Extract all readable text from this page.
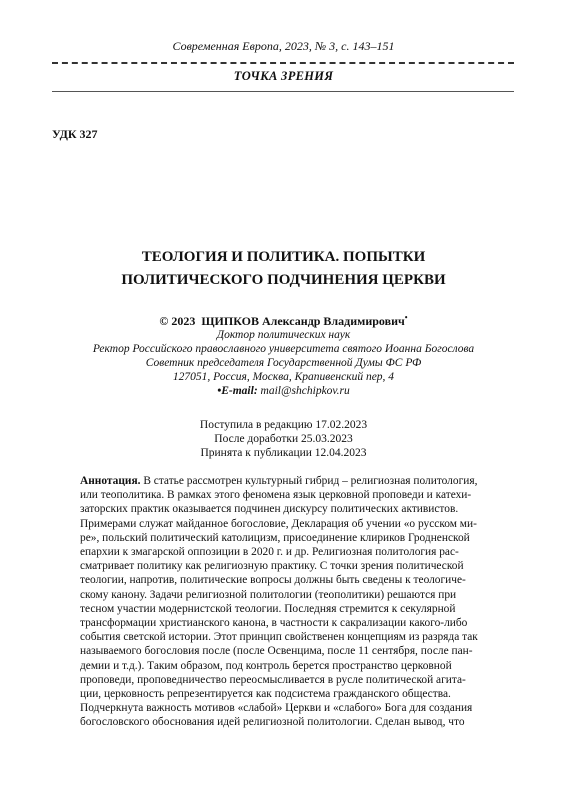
Современная Европа, 2023, № 3, с. 143–151
ТОЧКА ЗРЕНИЯ
УДК 327
ТЕОЛОГИЯ И ПОЛИТИКА. ПОПЫТКИ
ПОЛИТИЧЕСКОГО ПОДЧИНЕНИЯ ЦЕРКВИ
© 2023 ЩИПКОВ Александр Владимирович•
Доктор политических наук
Ректор Российского православного университета святого Иоанна Богослова
Советник председателя Государственной Думы ФС РФ
127051, Россия, Москва, Крапивенский пер, 4
•E-mail: mail@shchipkov.ru
Поступила в редакцию 17.02.2023
После доработки 25.03.2023
Принята к публикации 12.04.2023
Аннотация. В статье рассмотрен культурный гибрид – религиозная политология,
или теополитика. В рамках этого феномена язык церковной проповеди и катехи-
заторских практик оказывается подчинен дискурсу политических активистов.
Примерами служат майданное богословие, Декларация об учении «о русском ми-
ре», польский политический католицизм, присоединение клириков Гродненской
епархии к змагарской оппозиции в 2020 г. и др. Религиозная политология рас-
сматривает политику как религиозную практику. С точки зрения политической
теологии, напротив, политические вопросы должны быть сведены к теологиче-
скому канону. Задачи религиозной политологии (теополитики) решаются при
тесном участии модернистской теологии. Последняя стремится к секулярной
трансформации христианского канона, в частности к сакрализации какого-либо
события светской истории. Этот принцип свойственен концепциям из разряда так
называемого богословия после (после Освенцима, после 11 сентября, после пан-
демии и т.д.). Таким образом, под контроль берется пространство церковной
проповеди, проповедничество переосмысливается в русле политической агита-
ции, церковность репрезентируется как подсистема гражданского общества.
Подчеркнута важность мотивов «слабой» Церкви и «слабого» Бога для создания
богословского обоснования идей религиозной политологии. Сделан вывод, что
